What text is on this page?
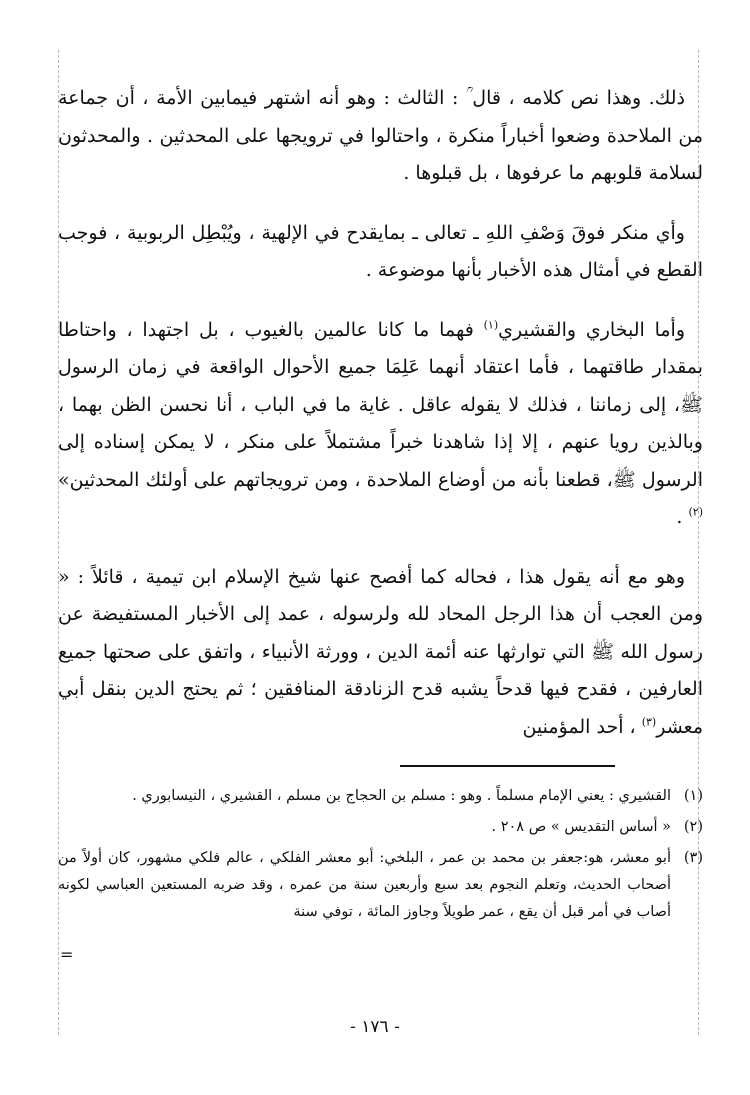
ذلك. وهذا نص كلامه ، قال ؒ : الثالث : وهو أنه اشتهر فيمابين الأمة ، أن جماعة من الملاحدة وضعوا أخباراً منكرة ، واحتالوا في ترويجها على المحدثين . والمحدثون لسلامة قلوبهم ما عرفوها ، بل قبلوها .

وأي منكر فوقَ وَصْفِ اللهِ ـ تعالى ـ بمايقدح في الإلهية ، ويُبْطِل الربوبية ، فوجب القطع في أمثال هذه الأخبار بأنها موضوعة .

وأما البخاري والقشيري$^{(١)}$ فهما ما كانا عالمين بالغيوب ، بل اجتهدا ، واحتاطا بمقدار طاقتهما ، فأما اعتقاد أنهما عَلِمَا جميع الأحوال الواقعة في زمان الرسول ﷺ، إلى زماننا ، فذلك لا يقوله عاقل . غاية ما في الباب ، أنا نحسن الظن بهما ، وبالذين رويا عنهم ، إلا إذا شاهدنا خبراً مشتملاً على منكر ، لا يمكن إسناده إلى الرسول ﷺ، قطعنا بأنه من أوضاع الملاحدة ، ومن ترويجاتهم على أولئك المحدثين» $^{(٢)}$ .

وهو مع أنه يقول هذا ، فحاله كما أفصح عنها شيخ الإسلام ابن تيمية ، قائلاً : « ومن العجب أن هذا الرجل المحاد لله ولرسوله ، عمد إلى الأخبار المستفيضة عن رسول الله ﷺ التي توارثها عنه أئمة الدين ، وورثة الأنبياء ، واتفق على صحتها جميع العارفين ، فقدح فيها قدحاً يشبه قدح الزنادقة المنافقين ؛ ثم يحتج الدين بنقل أبي معشر$^{(٣)}$ ، أحد المؤمنين

(١)
القشيري : يعني الإمام مسلماً . وهو : مسلم بن الحجاج بن مسلم ، القشيري ، النيسابوري .
(٢)
« أساس التقديس » ص ٢٠٨ .
(٣)
أبو معشر، هو:جعفر بن محمد بن عمر ، البلخي: أبو معشر الفلكي ، عالم فلكي مشهور، كان أولاً من أصحاب الحديث، وتعلم النجوم بعد سبع وأربعين سنة من عمره ، وقد ضربه المستعين العباسي لكونه أصاب في أمر قبل أن يقع ، عمر طويلاً وجاوز المائة ، توفي سنة
=
- ١٧٦ -
